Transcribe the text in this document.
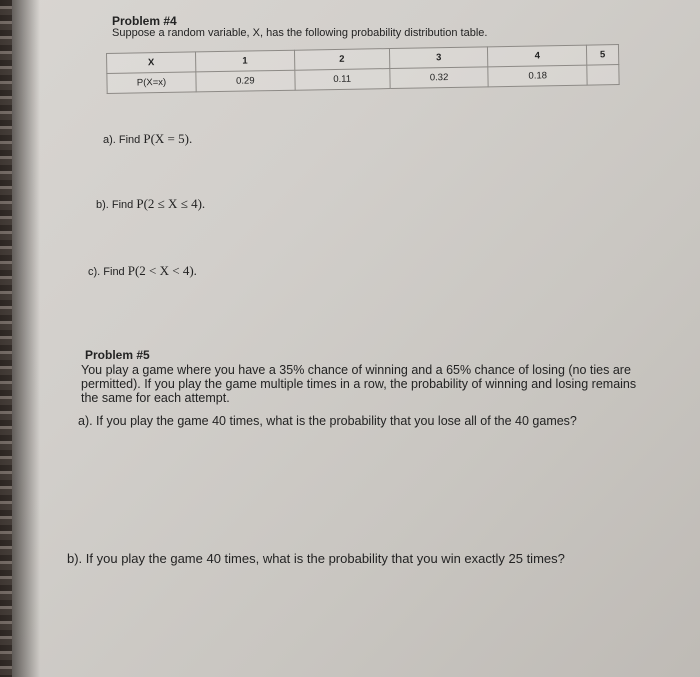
Problem #4
Suppose a random variable, X, has the following probability distribution table.
X	1	2	3	4	5
P(X=x)	0.29	0.11	0.32	0.18	
a). Find P(X = 5).
b). Find P(2 ≤ X ≤ 4).
c). Find P(2 < X < 4).
Problem #5
You play a game where you have a 35% chance of winning and a 65% chance of losing (no ties are permitted). If you play the game multiple times in a row, the probability of winning and losing remains the same for each attempt.
a). If you play the game 40 times, what is the probability that you lose all of the 40 games?
b). If you play the game 40 times, what is the probability that you win exactly 25 times?
